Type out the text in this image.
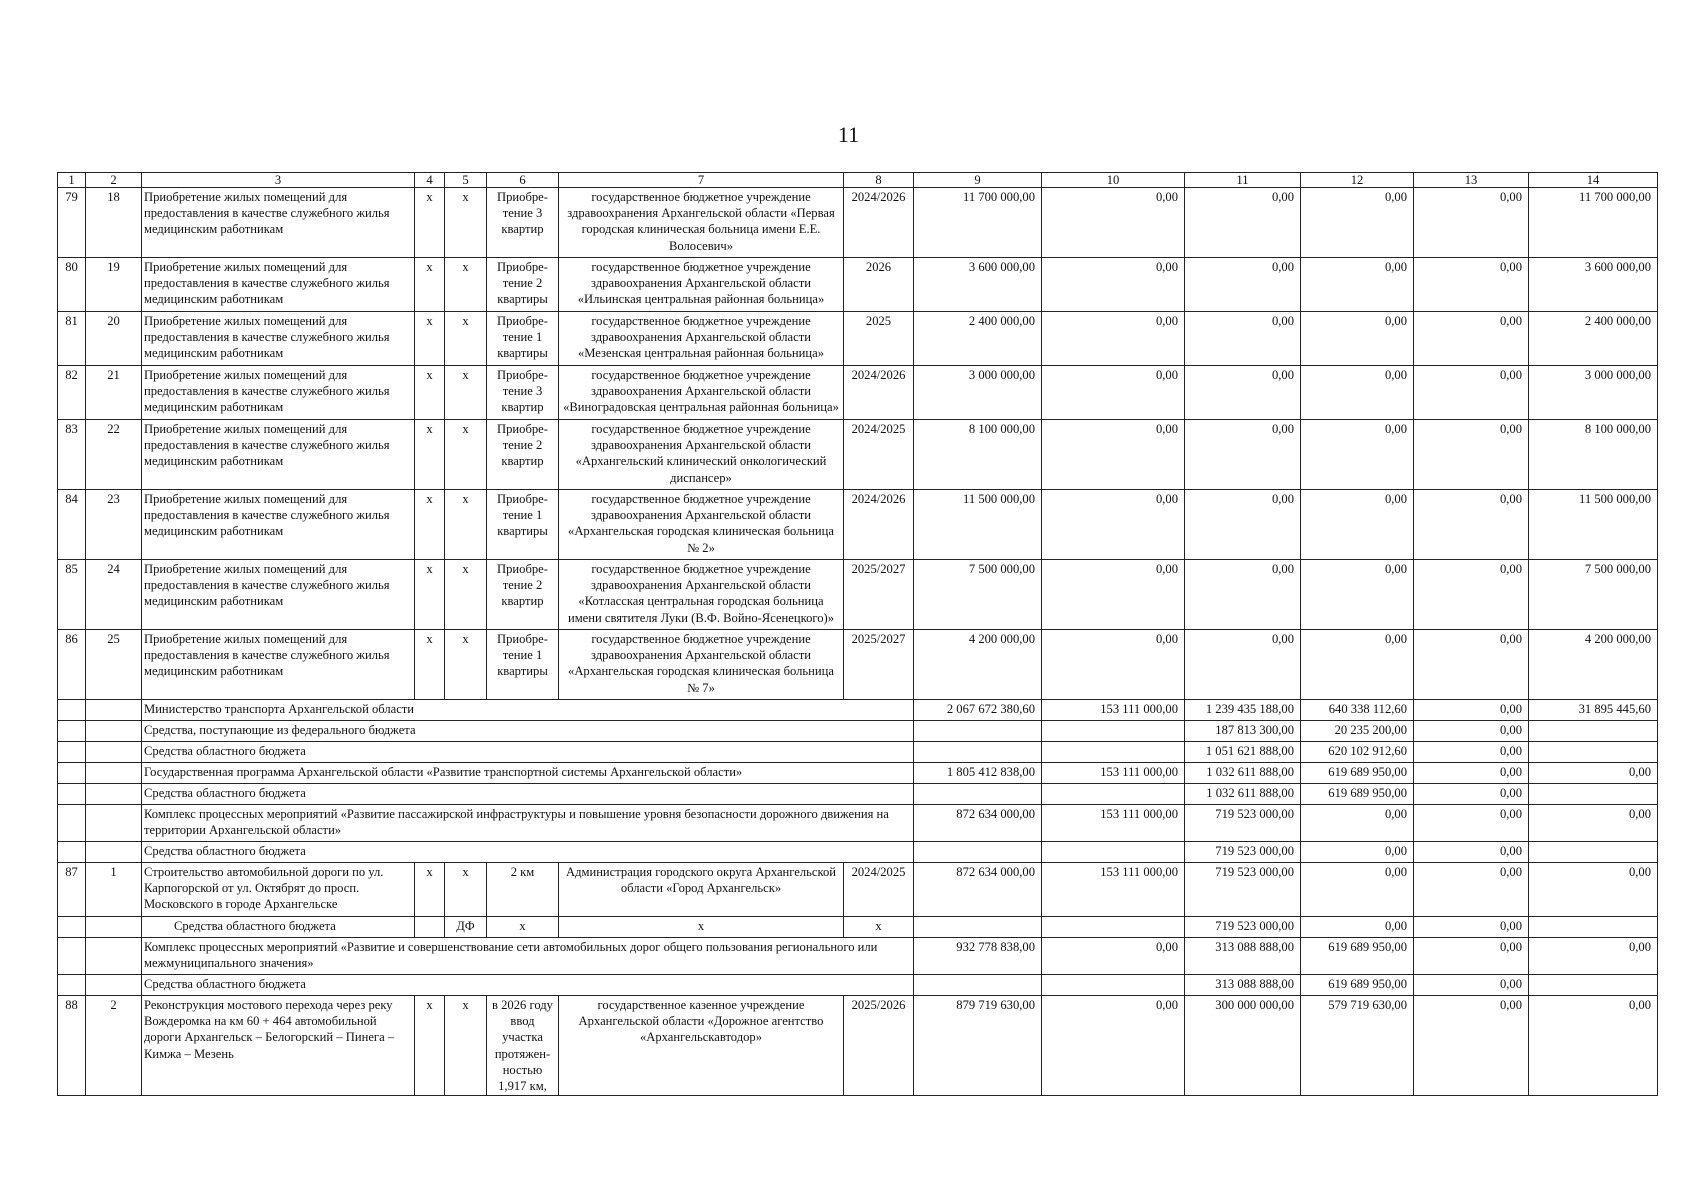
11
1	2	3	4	5	6	7	8	9	10	11	12	13	14
79	18	Приобретение жилых помещений для предоставления в качестве служебного жилья медицинским работникам	х	х	Приобре-тение 3 квартир	государственное бюджетное учреждение здравоохранения Архангельской области «Первая городская клиническая больница имени Е.Е. Волосевич»	2024/2026	11 700 000,00	0,00	0,00	0,00	0,00	11 700 000,00
80	19	Приобретение жилых помещений для предоставления в качестве служебного жилья медицинским работникам	х	х	Приобре-тение 2 квартиры	государственное бюджетное учреждение здравоохранения Архангельской области «Ильинская центральная районная больница»	2026	3 600 000,00	0,00	0,00	0,00	0,00	3 600 000,00
81	20	Приобретение жилых помещений для предоставления в качестве служебного жилья медицинским работникам	х	х	Приобре-тение 1 квартиры	государственное бюджетное учреждение здравоохранения Архангельской области «Мезенская центральная районная больница»	2025	2 400 000,00	0,00	0,00	0,00	0,00	2 400 000,00
82	21	Приобретение жилых помещений для предоставления в качестве служебного жилья медицинским работникам	х	х	Приобре-тение 3 квартир	государственное бюджетное учреждение здравоохранения Архангельской области «Виноградовская центральная районная больница»	2024/2026	3 000 000,00	0,00	0,00	0,00	0,00	3 000 000,00
83	22	Приобретение жилых помещений для предоставления в качестве служебного жилья медицинским работникам	х	х	Приобре-тение 2 квартир	государственное бюджетное учреждение здравоохранения Архангельской области «Архангельский клинический онкологический диспансер»	2024/2025	8 100 000,00	0,00	0,00	0,00	0,00	8 100 000,00
84	23	Приобретение жилых помещений для предоставления в качестве служебного жилья медицинским работникам	х	х	Приобре-тение 1 квартиры	государственное бюджетное учреждение здравоохранения Архангельской области «Архангельская городская клиническая больница № 2»	2024/2026	11 500 000,00	0,00	0,00	0,00	0,00	11 500 000,00
85	24	Приобретение жилых помещений для предоставления в качестве служебного жилья медицинским работникам	х	х	Приобре-тение 2 квартир	государственное бюджетное учреждение здравоохранения Архангельской области «Котласская центральная городская больница имени святителя Луки (В.Ф. Войно-Ясенецкого)»	2025/2027	7 500 000,00	0,00	0,00	0,00	0,00	7 500 000,00
86	25	Приобретение жилых помещений для предоставления в качестве служебного жилья медицинским работникам	х	х	Приобре-тение 1 квартиры	государственное бюджетное учреждение здравоохранения Архангельской области «Архангельская городская клиническая больница № 7»	2025/2027	4 200 000,00	0,00	0,00	0,00	0,00	4 200 000,00
		Министерство транспорта Архангельской области						2 067 672 380,60	153 111 000,00	1 239 435 188,00	640 338 112,60	0,00	31 895 445,60
		Средства, поступающие из федерального бюджета								187 813 300,00	20 235 200,00	0,00	
		Средства областного бюджета								1 051 621 888,00	620 102 912,60	0,00	
		Государственная программа Архангельской области «Развитие транспортной системы Архангельской области»						1 805 412 838,00	153 111 000,00	1 032 611 888,00	619 689 950,00	0,00	0,00
		Средства областного бюджета								1 032 611 888,00	619 689 950,00	0,00	
		Комплекс процессных мероприятий «Развитие пассажирской инфраструктуры и повышение уровня безопасности дорожного движения на территории Архангельской области»						872 634 000,00	153 111 000,00	719 523 000,00	0,00	0,00	0,00
		Средства областного бюджета								719 523 000,00	0,00	0,00	
87	1	Строительство автомобильной дороги по ул. Карпогорской от ул. Октябрят до просп. Московского в городе Архангельске	х	х	2 км	Администрация городского округа Архангельской области «Город Архангельск»	2024/2025	872 634 000,00	153 111 000,00	719 523 000,00	0,00	0,00	0,00
		Средства областного бюджета		ДФ	х	х	х			719 523 000,00	0,00	0,00	
		Комплекс процессных мероприятий «Развитие и совершенствование сети автомобильных дорог общего пользования регионального или межмуниципального значения»						932 778 838,00	0,00	313 088 888,00	619 689 950,00	0,00	0,00
		Средства областного бюджета								313 088 888,00	619 689 950,00	0,00	
88	2	Реконструкция мостового перехода через реку Вождеромка на км 60 + 464 автомобильной дороги Архангельск – Белогорский – Пинега – Кимжа – Мезень	х	х	в 2026 году ввод участка протяжен-ностью 1,917 км,	государственное казенное учреждение Архангельской области «Дорожное агентство «Архангельскавтодор»	2025/2026	879 719 630,00	0,00	300 000 000,00	579 719 630,00	0,00	0,00
